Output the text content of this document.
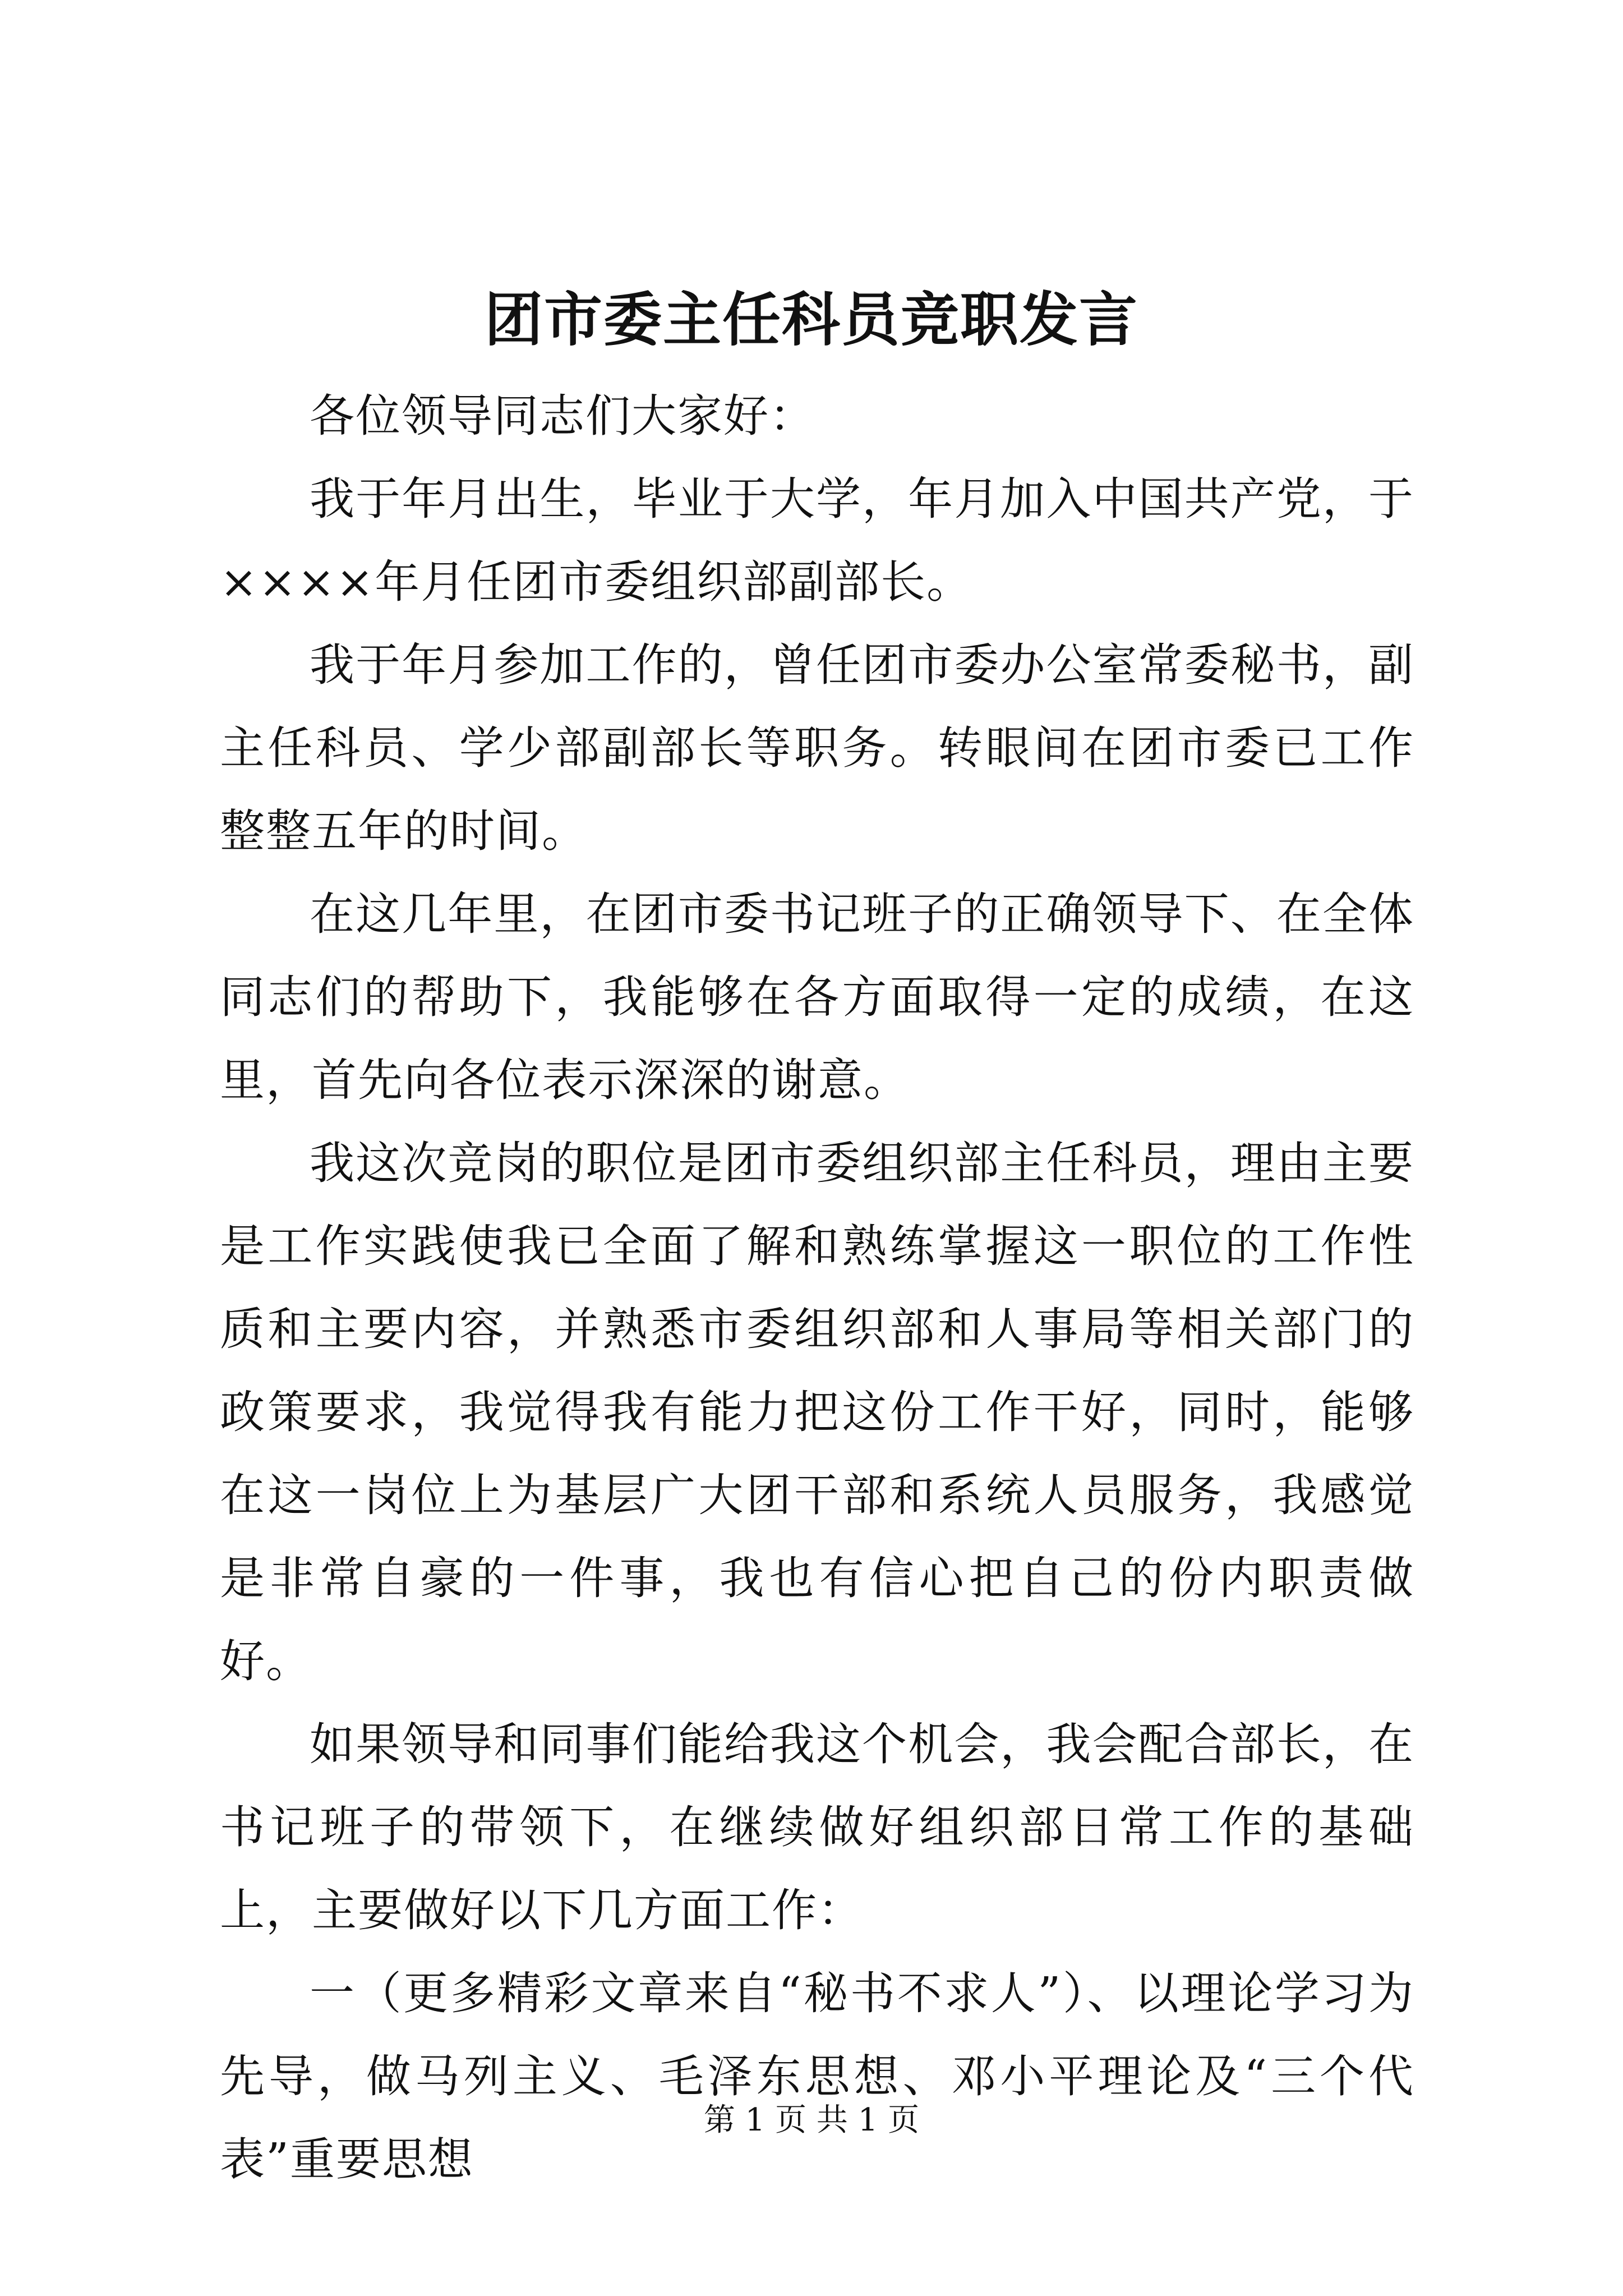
团市委主任科员竞职发言

各位领导同志们大家好：

我于年月出生，毕业于大学，年月加入中国共产党，于××××年月任团市委组织部副部长。

我于年月参加工作的，曾任团市委办公室常委秘书，副主任科员、学少部副部长等职务。转眼间在团市委已工作整整五年的时间。

在这几年里，在团市委书记班子的正确领导下、在全体同志们的帮助下，我能够在各方面取得一定的成绩，在这里，首先向各位表示深深的谢意。

我这次竞岗的职位是团市委组织部主任科员，理由主要是工作实践使我已全面了解和熟练掌握这一职位的工作性质和主要内容，并熟悉市委组织部和人事局等相关部门的政策要求，我觉得我有能力把这份工作干好，同时，能够在这一岗位上为基层广大团干部和系统人员服务，我感觉是非常自豪的一件事，我也有信心把自己的份内职责做好。

如果领导和同事们能给我这个机会，我会配合部长，在书记班子的带领下，在继续做好组织部日常工作的基础上，主要做好以下几方面工作：

一（更多精彩文章来自“秘书不求人”）、以理论学习为先导，做马列主义、毛泽东思想、邓小平理论及“三个代表”重要思想

第 1 页 共 1 页
